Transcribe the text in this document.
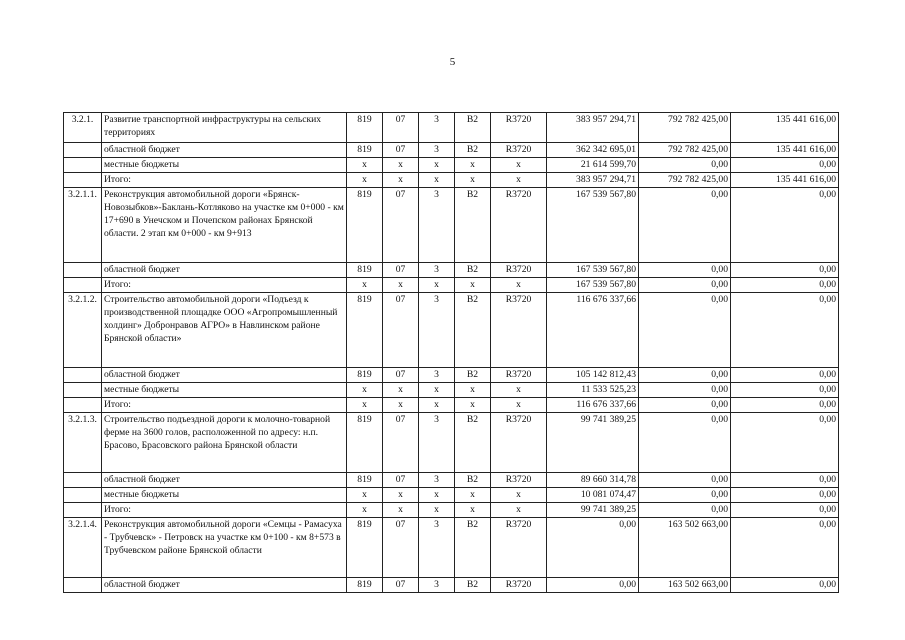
5
3.2.1.	Развитие транспортной инфраструктуры на сельских территориях	819	07	3	B2	R3720	383 957 294,71	792 782 425,00	135 441 616,00
	областной бюджет	819	07	3	B2	R3720	362 342 695,01	792 782 425,00	135 441 616,00
	местные бюджеты	x	x	x	x	x	21 614 599,70	0,00	0,00
	Итого:	x	x	x	x	x	383 957 294,71	792 782 425,00	135 441 616,00
3.2.1.1.	Реконструкция автомобильной дороги «Брянск-Новозыбков»-Баклань-Котляково на участке км 0+000 - км 17+690 в Унечском и Почепском районах Брянской области. 2 этап км 0+000 - км 9+913	819	07	3	B2	R3720	167 539 567,80	0,00	0,00
	областной бюджет	819	07	3	B2	R3720	167 539 567,80	0,00	0,00
	Итого:	x	x	x	x	x	167 539 567,80	0,00	0,00
3.2.1.2.	Строительство автомобильной дороги «Подъезд к производственной площадке ООО «Агропромышленный холдинг» Добронравов АГРО» в Навлинском районе Брянской области»	819	07	3	B2	R3720	116 676 337,66	0,00	0,00
	областной бюджет	819	07	3	B2	R3720	105 142 812,43	0,00	0,00
	местные бюджеты	x	x	x	x	x	11 533 525,23	0,00	0,00
	Итого:	x	x	x	x	x	116 676 337,66	0,00	0,00
3.2.1.3.	Строительство подъездной дороги к молочно-товарной ферме на 3600 голов, расположенной по адресу: н.п. Брасово, Брасовского района Брянской области	819	07	3	B2	R3720	99 741 389,25	0,00	0,00
	областной бюджет	819	07	3	B2	R3720	89 660 314,78	0,00	0,00
	местные бюджеты	x	x	x	x	x	10 081 074,47	0,00	0,00
	Итого:	x	x	x	x	x	99 741 389,25	0,00	0,00
3.2.1.4.	Реконструкция автомобильной дороги «Семцы - Рамасуха - Трубчевск» - Петровск на участке км 0+100 - км 8+573 в Трубчевском районе Брянской области	819	07	3	B2	R3720	0,00	163 502 663,00	0,00
	областной бюджет	819	07	3	B2	R3720	0,00	163 502 663,00	0,00
